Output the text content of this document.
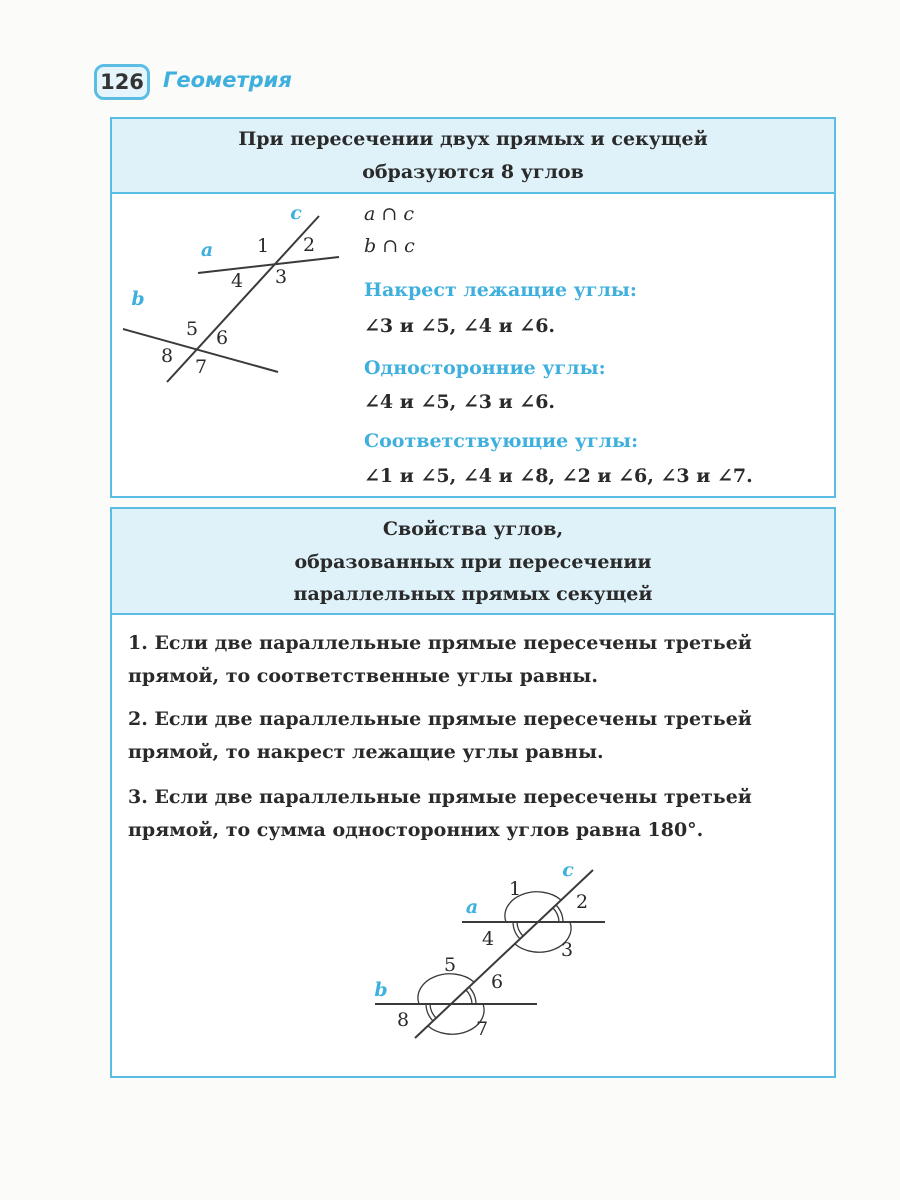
126 Геометрия
При пересечении двух прямых и секущей
образуются 8 углов
a ∩ c
b ∩ c
Накрест лежащие углы:
∠3 и ∠5, ∠4 и ∠6.
Односторонние углы:
∠4 и ∠5, ∠3 и ∠6.
Соответствующие углы:
∠1 и ∠5, ∠4 и ∠8, ∠2 и ∠6, ∠3 и ∠7.
Свойства углов,
образованных при пересечении
параллельных прямых секущей
1. Если две параллельные прямые пересечены третьей
прямой, то соответственные углы равны.
2. Если две параллельные прямые пересечены третьей
прямой, то накрест лежащие углы равны.
3. Если две параллельные прямые пересечены третьей
прямой, то сумма односторонних углов равна 180°.
a
b
c
1 2
3
4
5 6
7
8
a
b
c
1
2
3
4
5
6
7
8
